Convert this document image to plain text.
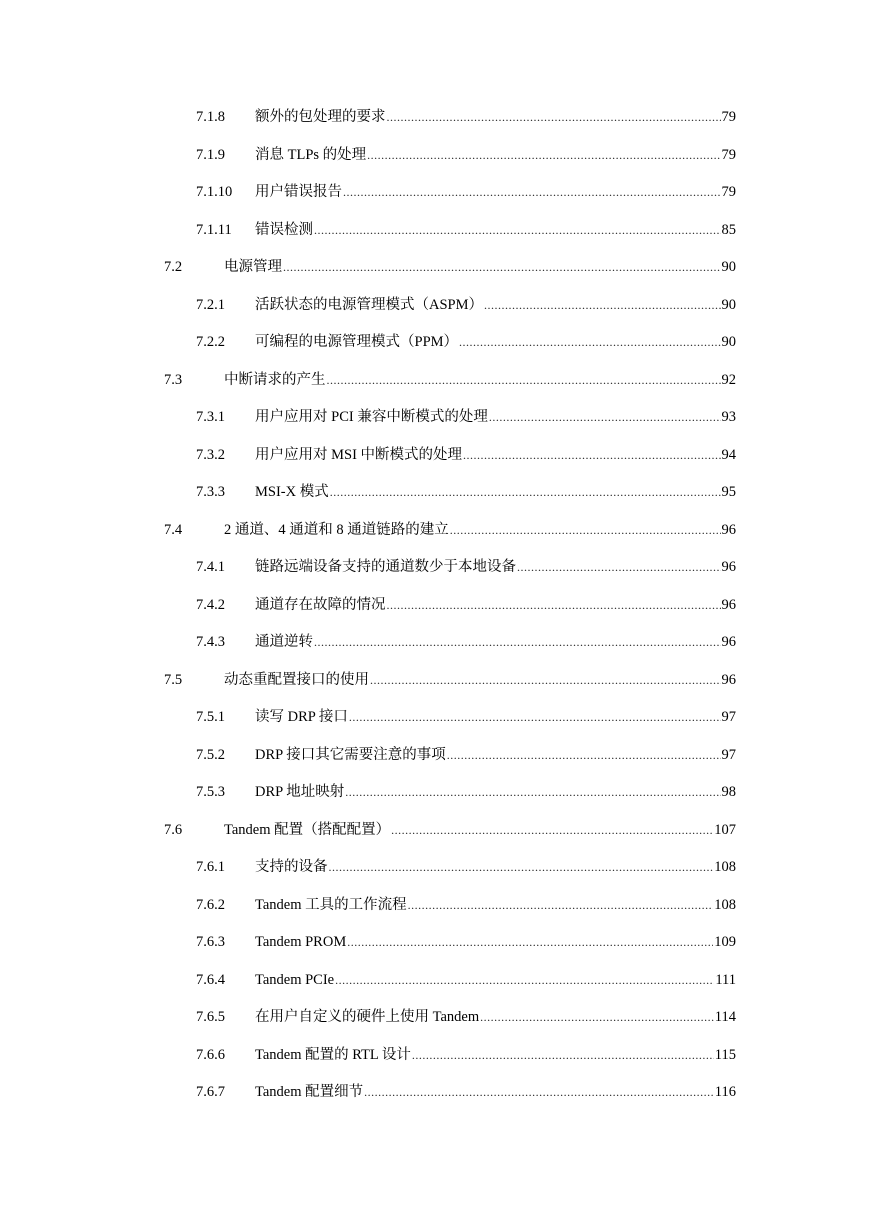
7.1.8 额外的包处理的要求 .....	79
7.1.9 消息 TLPs 的处理 .....	79
7.1.10 用户错误报告 .....	79
7.1.11 错误检测 .....	85
7.2	电源管理 .....	90
7.2.1 活跃状态的电源管理模式（ASPM） .....	90
7.2.2 可编程的电源管理模式（PPM） .....	90
7.3	中断请求的产生 .....	92
7.3.1 用户应用对 PCI 兼容中断模式的处理 .....	93
7.3.2 用户应用对 MSI 中断模式的处理 .....	94
7.3.3 MSI-X 模式 .....	95
7.4	2 通道、4 通道和 8 通道链路的建立 .....	96
7.4.1 链路远端设备支持的通道数少于本地设备 .....	96
7.4.2 通道存在故障的情况 .....	96
7.4.3 通道逆转 .....	96
7.5	动态重配置接口的使用 .....	96
7.5.1 读写 DRP 接口 .....	97
7.5.2 DRP 接口其它需要注意的事项 .....	97
7.5.3 DRP 地址映射 .....	98
7.6	Tandem 配置（搭配配置） .....	107
7.6.1 支持的设备 .....	108
7.6.2 Tandem 工具的工作流程 .....	108
7.6.3 Tandem PROM .....	109
7.6.4 Tandem PCIe .....	111
7.6.5 在用户自定义的硬件上使用 Tandem .....	114
7.6.6 Tandem 配置的 RTL 设计 .....	115
7.6.7 Tandem 配置细节 .....	116
